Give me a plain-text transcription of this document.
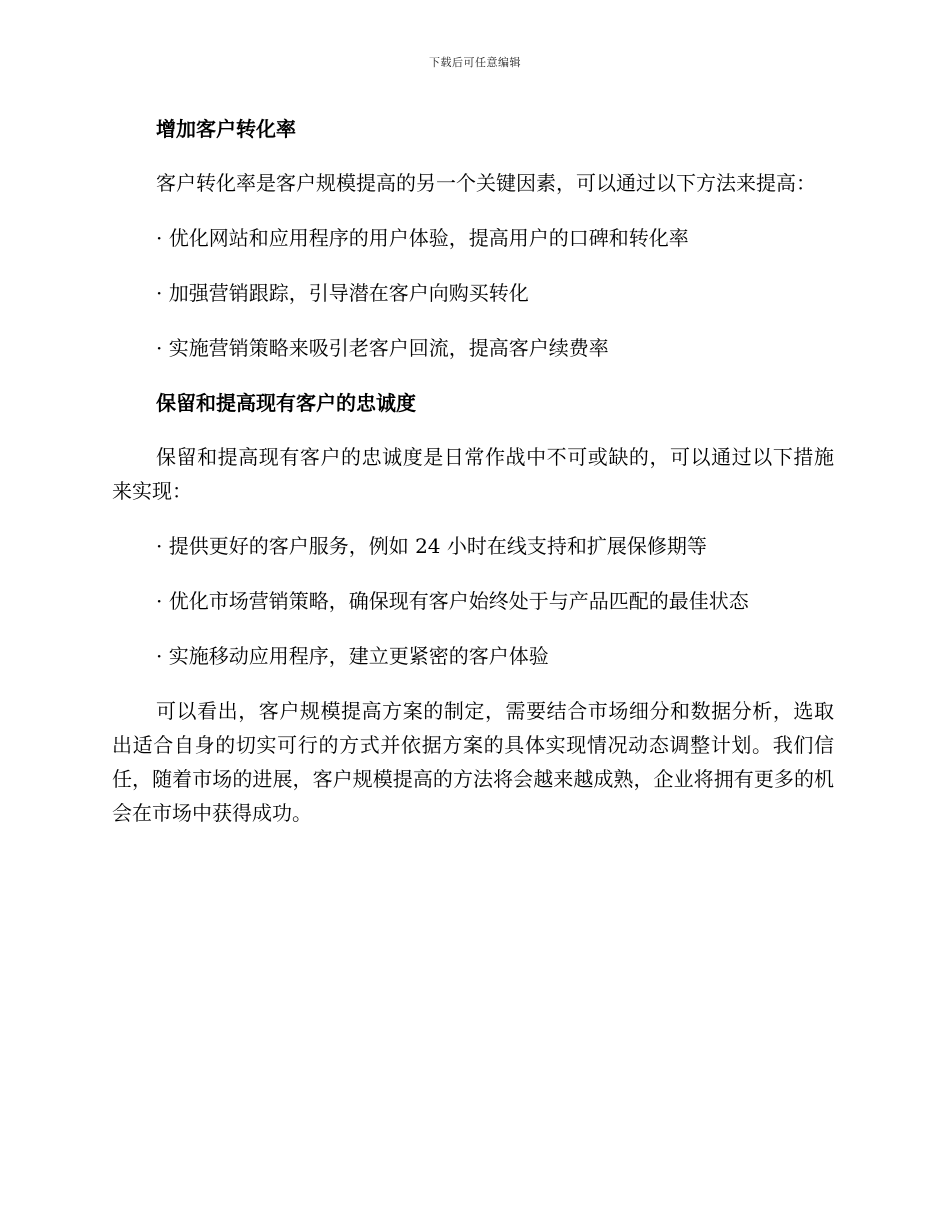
下载后可任意编辑

增加客户转化率

客户转化率是客户规模提高的另一个关键因素，可以通过以下方法来提高：

· 优化网站和应用程序的用户体验，提高用户的口碑和转化率

· 加强营销跟踪，引导潜在客户向购买转化

· 实施营销策略来吸引老客户回流，提高客户续费率

保留和提高现有客户的忠诚度

保留和提高现有客户的忠诚度是日常作战中不可或缺的，可以通过以下措施来实现：

· 提供更好的客户服务，例如 24 小时在线支持和扩展保修期等

· 优化市场营销策略，确保现有客户始终处于与产品匹配的最佳状态

· 实施移动应用程序，建立更紧密的客户体验

可以看出，客户规模提高方案的制定，需要结合市场细分和数据分析，选取出适合自身的切实可行的方式并依据方案的具体实现情况动态调整计划。我们信任，随着市场的进展，客户规模提高的方法将会越来越成熟，企业将拥有更多的机会在市场中获得成功。
